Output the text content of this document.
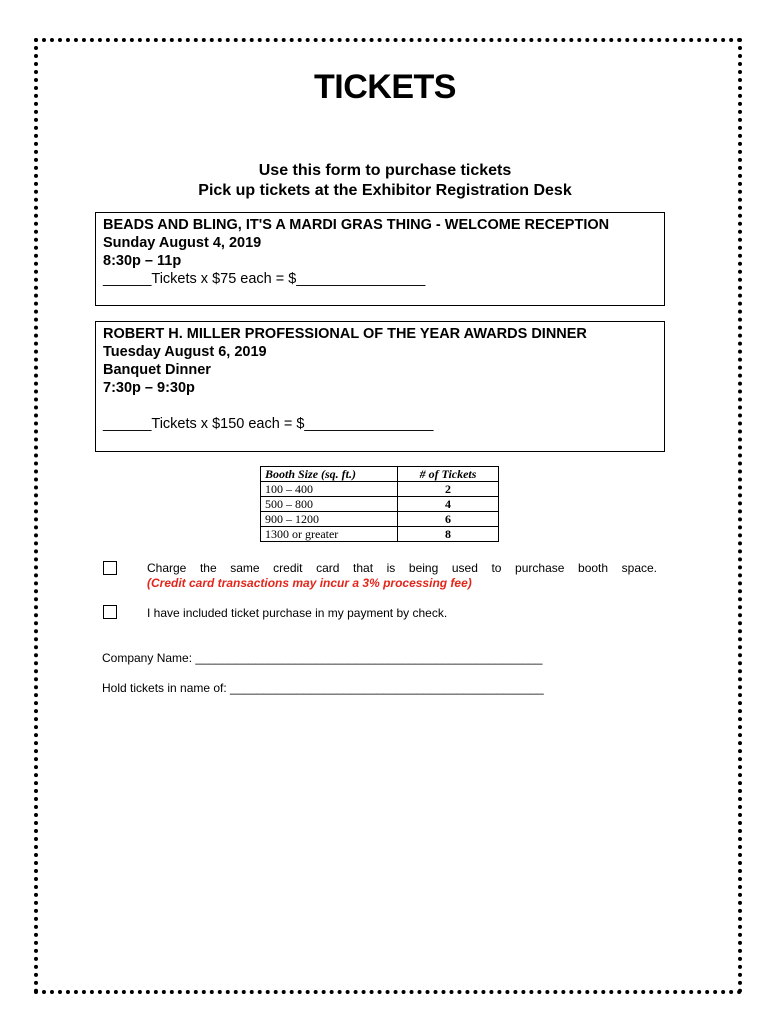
TICKETS
Use this form to purchase tickets
Pick up tickets at the Exhibitor Registration Desk
BEADS AND BLING, IT'S A MARDI GRAS THING - WELCOME RECEPTION
Sunday August 4, 2019
8:30p – 11p
______Tickets x $75 each = $________________
ROBERT H. MILLER PROFESSIONAL OF THE YEAR AWARDS DINNER
Tuesday August 6, 2019
Banquet Dinner
7:30p – 9:30p
______Tickets x $150 each = $________________
Booth Size (sq. ft.)	# of Tickets
100 – 400	2
500 – 800	4
900 – 1200	6
1300 or greater	8
Charge the same credit card that is being used to purchase booth space.
(Credit card transactions may incur a 3% processing fee)
I have included ticket purchase in my payment by check.
Company Name: ____________________________________________________
Hold tickets in name of: _______________________________________________
